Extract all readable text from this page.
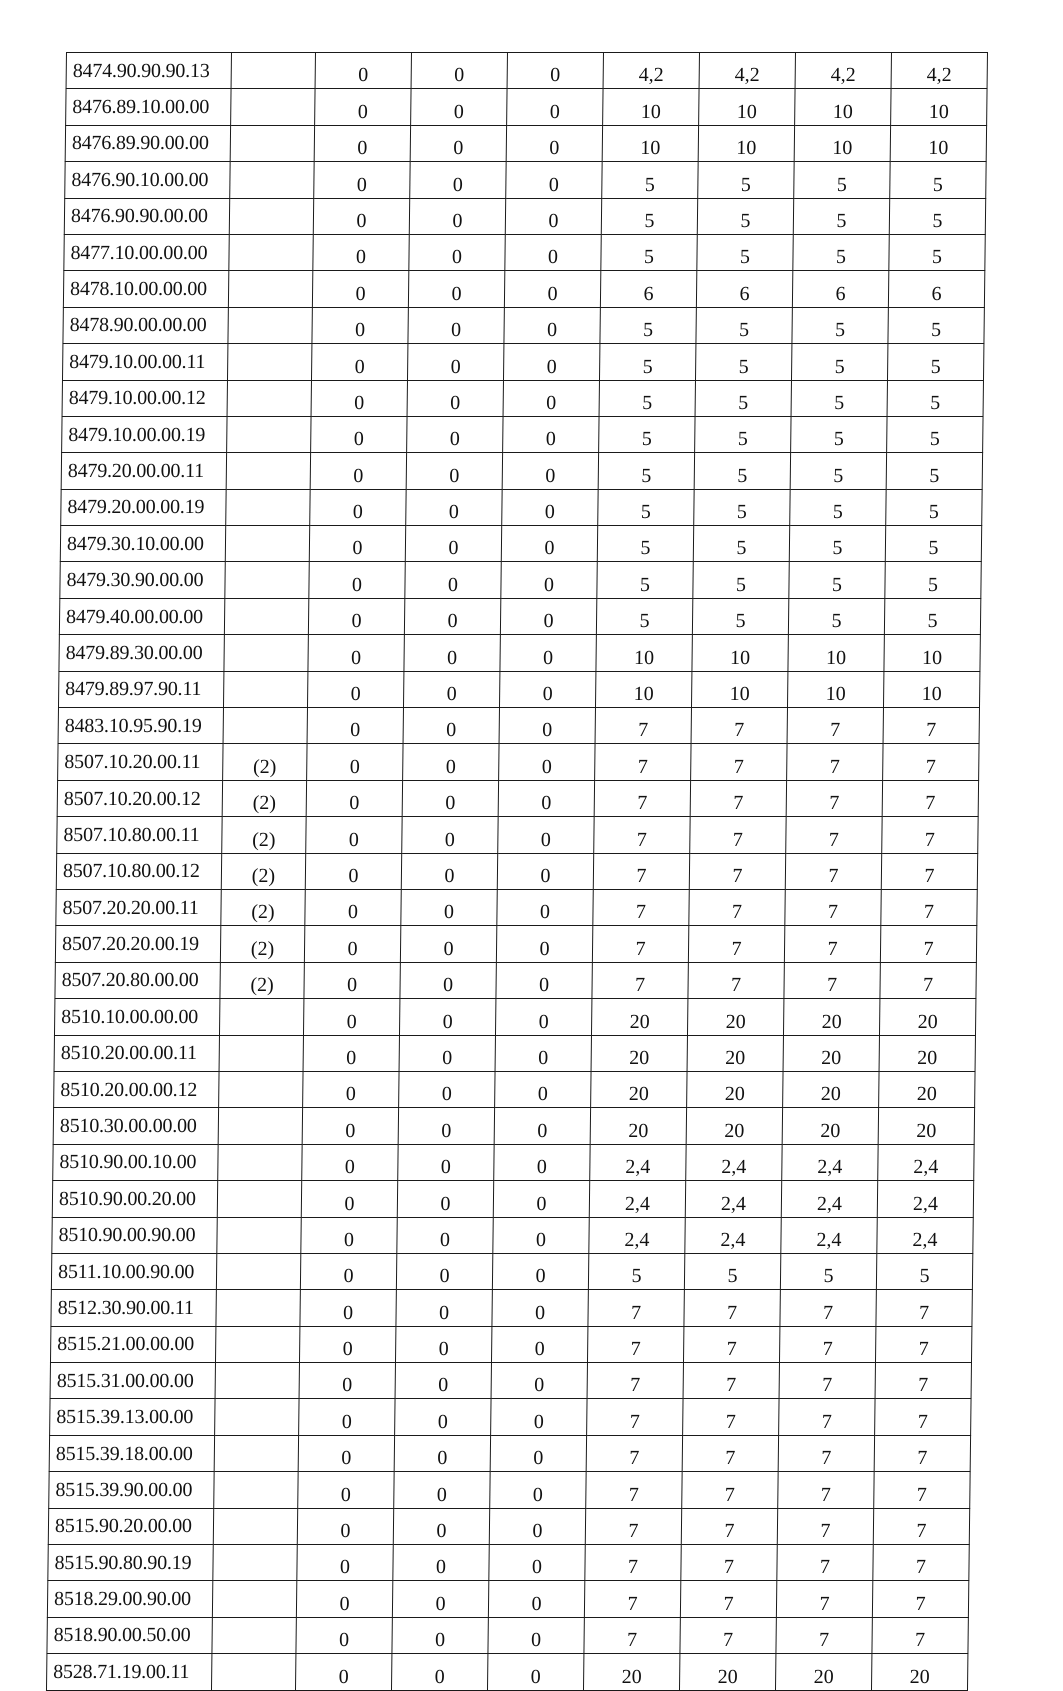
8474.90.90.90.13		0	0	0	4,2	4,2	4,2	4,2
8476.89.10.00.00		0	0	0	10	10	10	10
8476.89.90.00.00		0	0	0	10	10	10	10
8476.90.10.00.00		0	0	0	5	5	5	5
8476.90.90.00.00		0	0	0	5	5	5	5
8477.10.00.00.00		0	0	0	5	5	5	5
8478.10.00.00.00		0	0	0	6	6	6	6
8478.90.00.00.00		0	0	0	5	5	5	5
8479.10.00.00.11		0	0	0	5	5	5	5
8479.10.00.00.12		0	0	0	5	5	5	5
8479.10.00.00.19		0	0	0	5	5	5	5
8479.20.00.00.11		0	0	0	5	5	5	5
8479.20.00.00.19		0	0	0	5	5	5	5
8479.30.10.00.00		0	0	0	5	5	5	5
8479.30.90.00.00		0	0	0	5	5	5	5
8479.40.00.00.00		0	0	0	5	5	5	5
8479.89.30.00.00		0	0	0	10	10	10	10
8479.89.97.90.11		0	0	0	10	10	10	10
8483.10.95.90.19		0	0	0	7	7	7	7
8507.10.20.00.11	(2)	0	0	0	7	7	7	7
8507.10.20.00.12	(2)	0	0	0	7	7	7	7
8507.10.80.00.11	(2)	0	0	0	7	7	7	7
8507.10.80.00.12	(2)	0	0	0	7	7	7	7
8507.20.20.00.11	(2)	0	0	0	7	7	7	7
8507.20.20.00.19	(2)	0	0	0	7	7	7	7
8507.20.80.00.00	(2)	0	0	0	7	7	7	7
8510.10.00.00.00		0	0	0	20	20	20	20
8510.20.00.00.11		0	0	0	20	20	20	20
8510.20.00.00.12		0	0	0	20	20	20	20
8510.30.00.00.00		0	0	0	20	20	20	20
8510.90.00.10.00		0	0	0	2,4	2,4	2,4	2,4
8510.90.00.20.00		0	0	0	2,4	2,4	2,4	2,4
8510.90.00.90.00		0	0	0	2,4	2,4	2,4	2,4
8511.10.00.90.00		0	0	0	5	5	5	5
8512.30.90.00.11		0	0	0	7	7	7	7
8515.21.00.00.00		0	0	0	7	7	7	7
8515.31.00.00.00		0	0	0	7	7	7	7
8515.39.13.00.00		0	0	0	7	7	7	7
8515.39.18.00.00		0	0	0	7	7	7	7
8515.39.90.00.00		0	0	0	7	7	7	7
8515.90.20.00.00		0	0	0	7	7	7	7
8515.90.80.90.19		0	0	0	7	7	7	7
8518.29.00.90.00		0	0	0	7	7	7	7
8518.90.00.50.00		0	0	0	7	7	7	7
8528.71.19.00.11		0	0	0	20	20	20	20
